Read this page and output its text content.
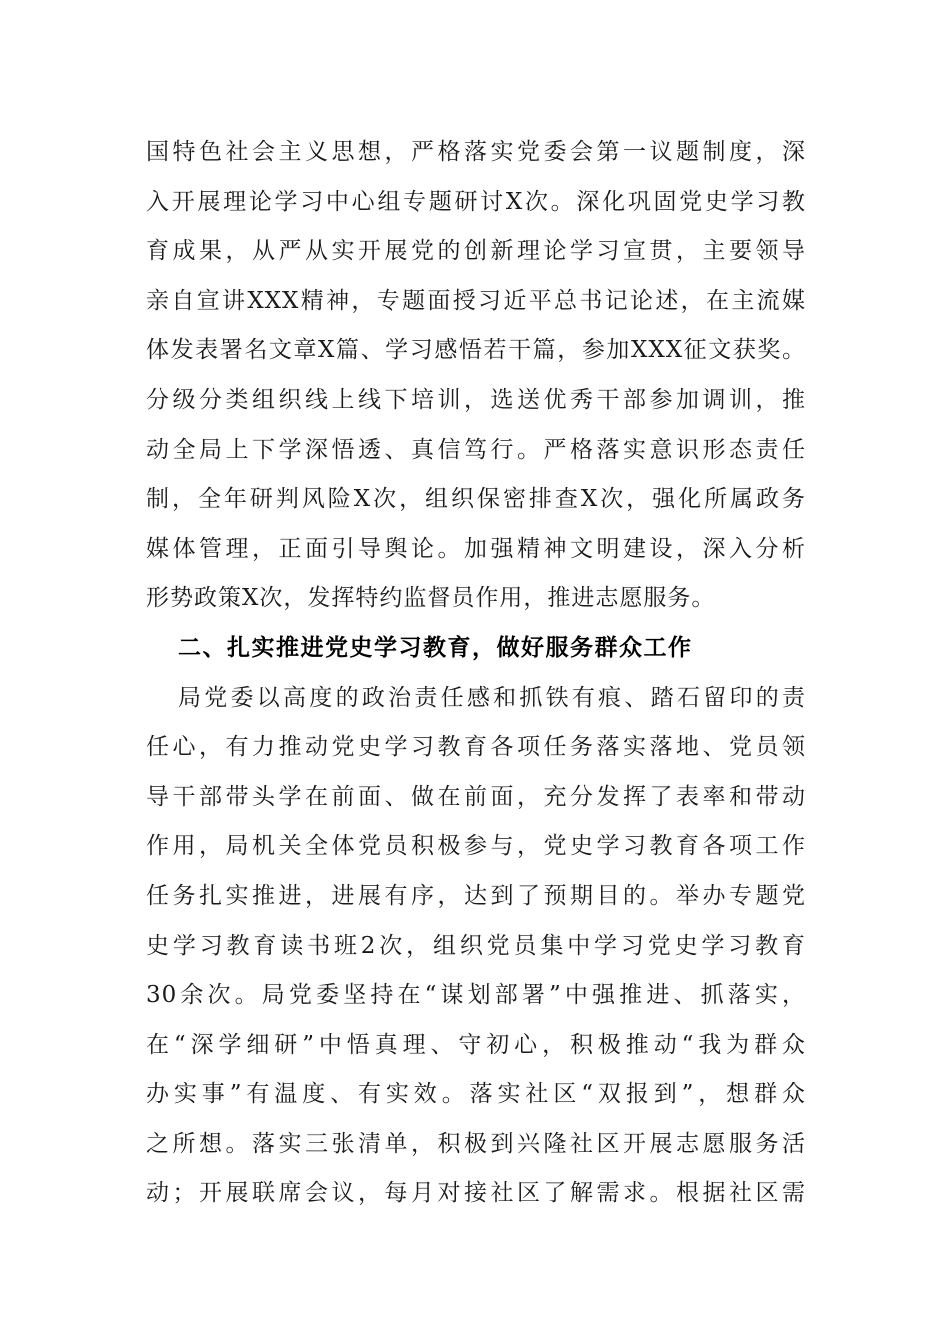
国特色社会主义思想，严格落实党委会第一议题制度，深
入开展理论学习中心组专题研讨X次。深化巩固党史学习教
育成果，从严从实开展党的创新理论学习宣贯，主要领导
亲自宣讲XXX精神，专题面授习近平总书记论述，在主流媒
体发表署名文章X篇、学习感悟若干篇，参加XXX征文获奖。
分级分类组织线上线下培训，选送优秀干部参加调训，推
动全局上下学深悟透、真信笃行。严格落实意识形态责任
制，全年研判风险X次，组织保密排查X次，强化所属政务
媒体管理，正面引导舆论。加强精神文明建设，深入分析
形势政策X次，发挥特约监督员作用，推进志愿服务。
二、扎实推进党史学习教育，做好服务群众工作
局党委以高度的政治责任感和抓铁有痕、踏石留印的责
任心，有力推动党史学习教育各项任务落实落地、党员领
导干部带头学在前面、做在前面，充分发挥了表率和带动
作用，局机关全体党员积极参与，党史学习教育各项工作
任务扎实推进，进展有序，达到了预期目的。举办专题党
史学习教育读书班2次，组织党员集中学习党史学习教育
30余次。局党委坚持在“谋划部署”中强推进、抓落实，
在“深学细研”中悟真理、守初心，积极推动“我为群众
办实事”有温度、有实效。落实社区“双报到”，想群众
之所想。落实三张清单，积极到兴隆社区开展志愿服务活
动；开展联席会议，每月对接社区了解需求。根据社区需
